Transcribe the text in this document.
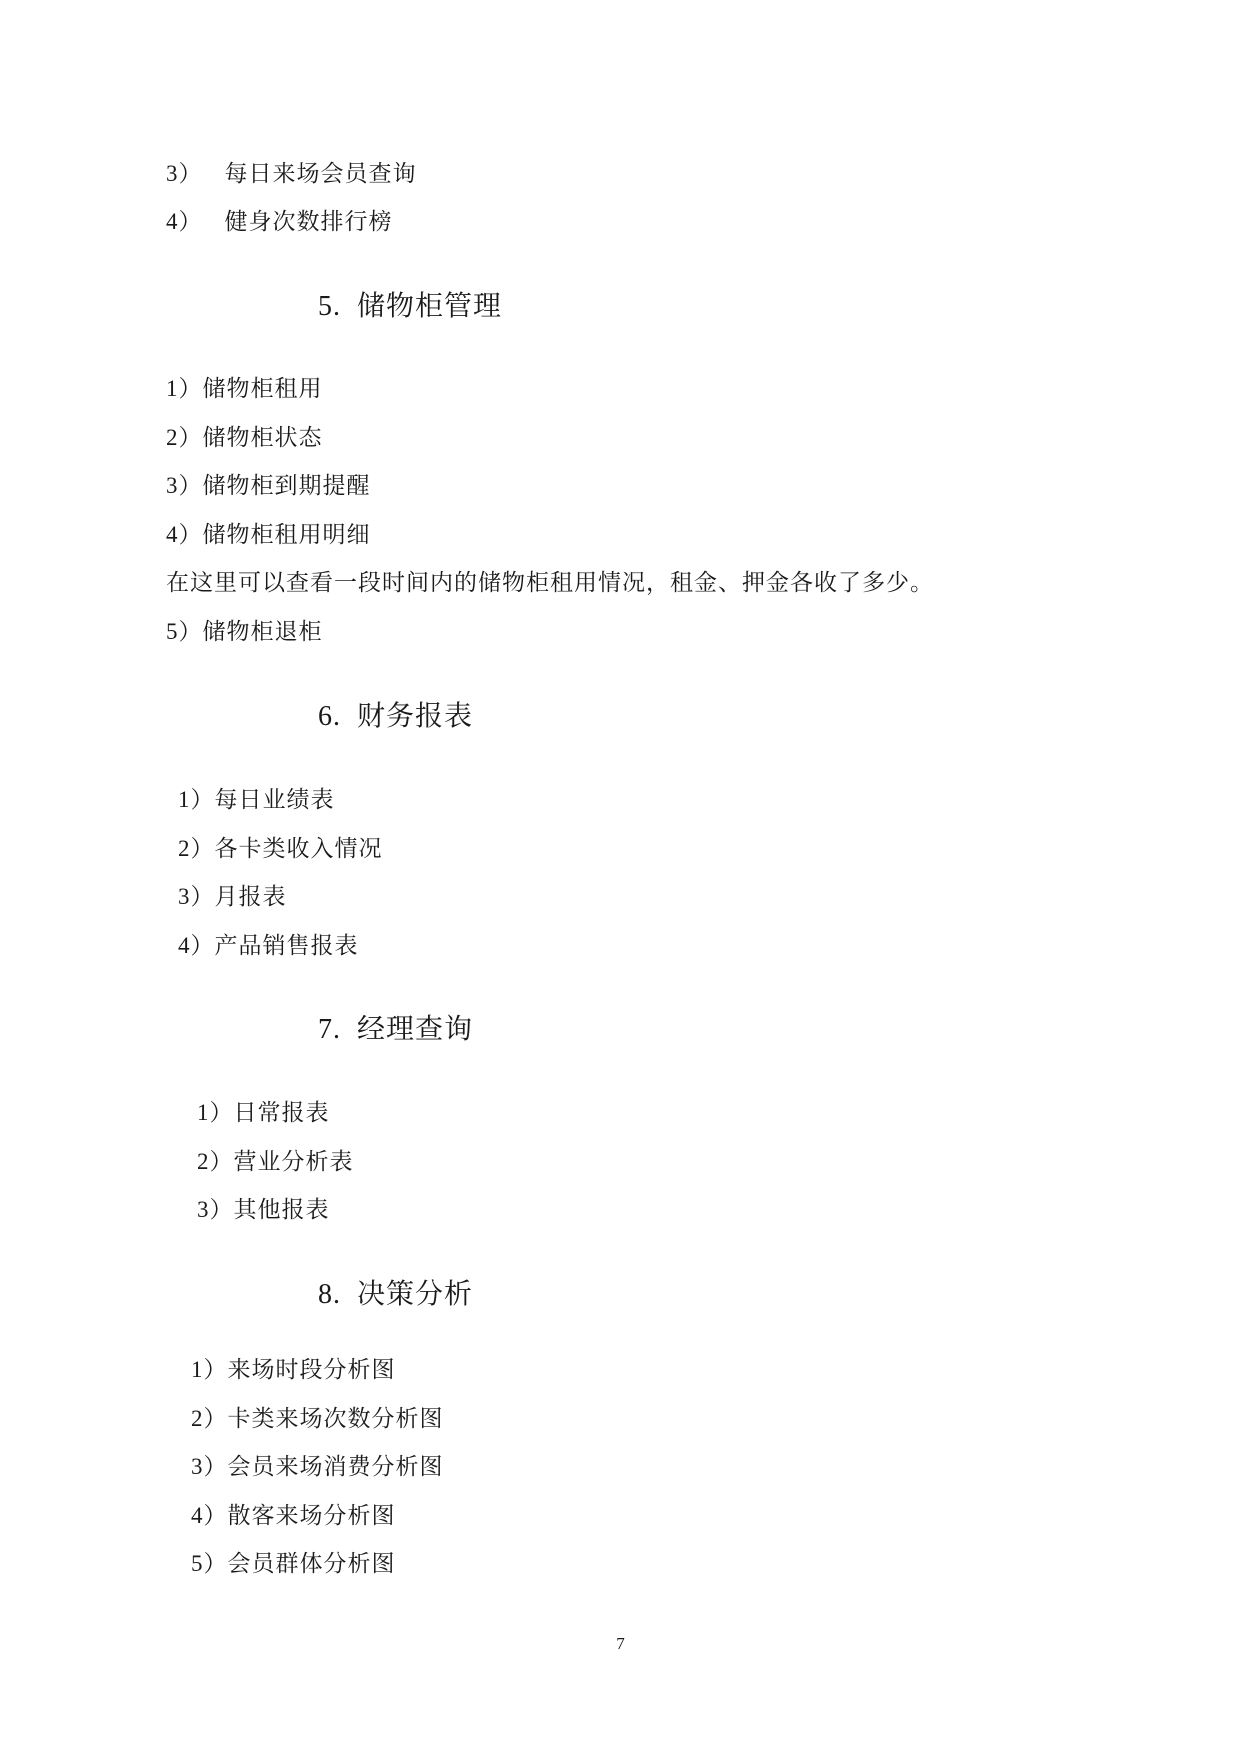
3） 每日来场会员查询
4） 健身次数排行榜
5. 储物柜管理
1）储物柜租用
2）储物柜状态
3）储物柜到期提醒
4）储物柜租用明细
在这里可以查看一段时间内的储物柜租用情况，租金、押金各收了多少。
5）储物柜退柜
6. 财务报表
1）每日业绩表
2）各卡类收入情况
3）月报表
4）产品销售报表
7. 经理查询
1）日常报表
2）营业分析表
3）其他报表
8. 决策分析
1）来场时段分析图
2）卡类来场次数分析图
3）会员来场消费分析图
4）散客来场分析图
5）会员群体分析图
7
